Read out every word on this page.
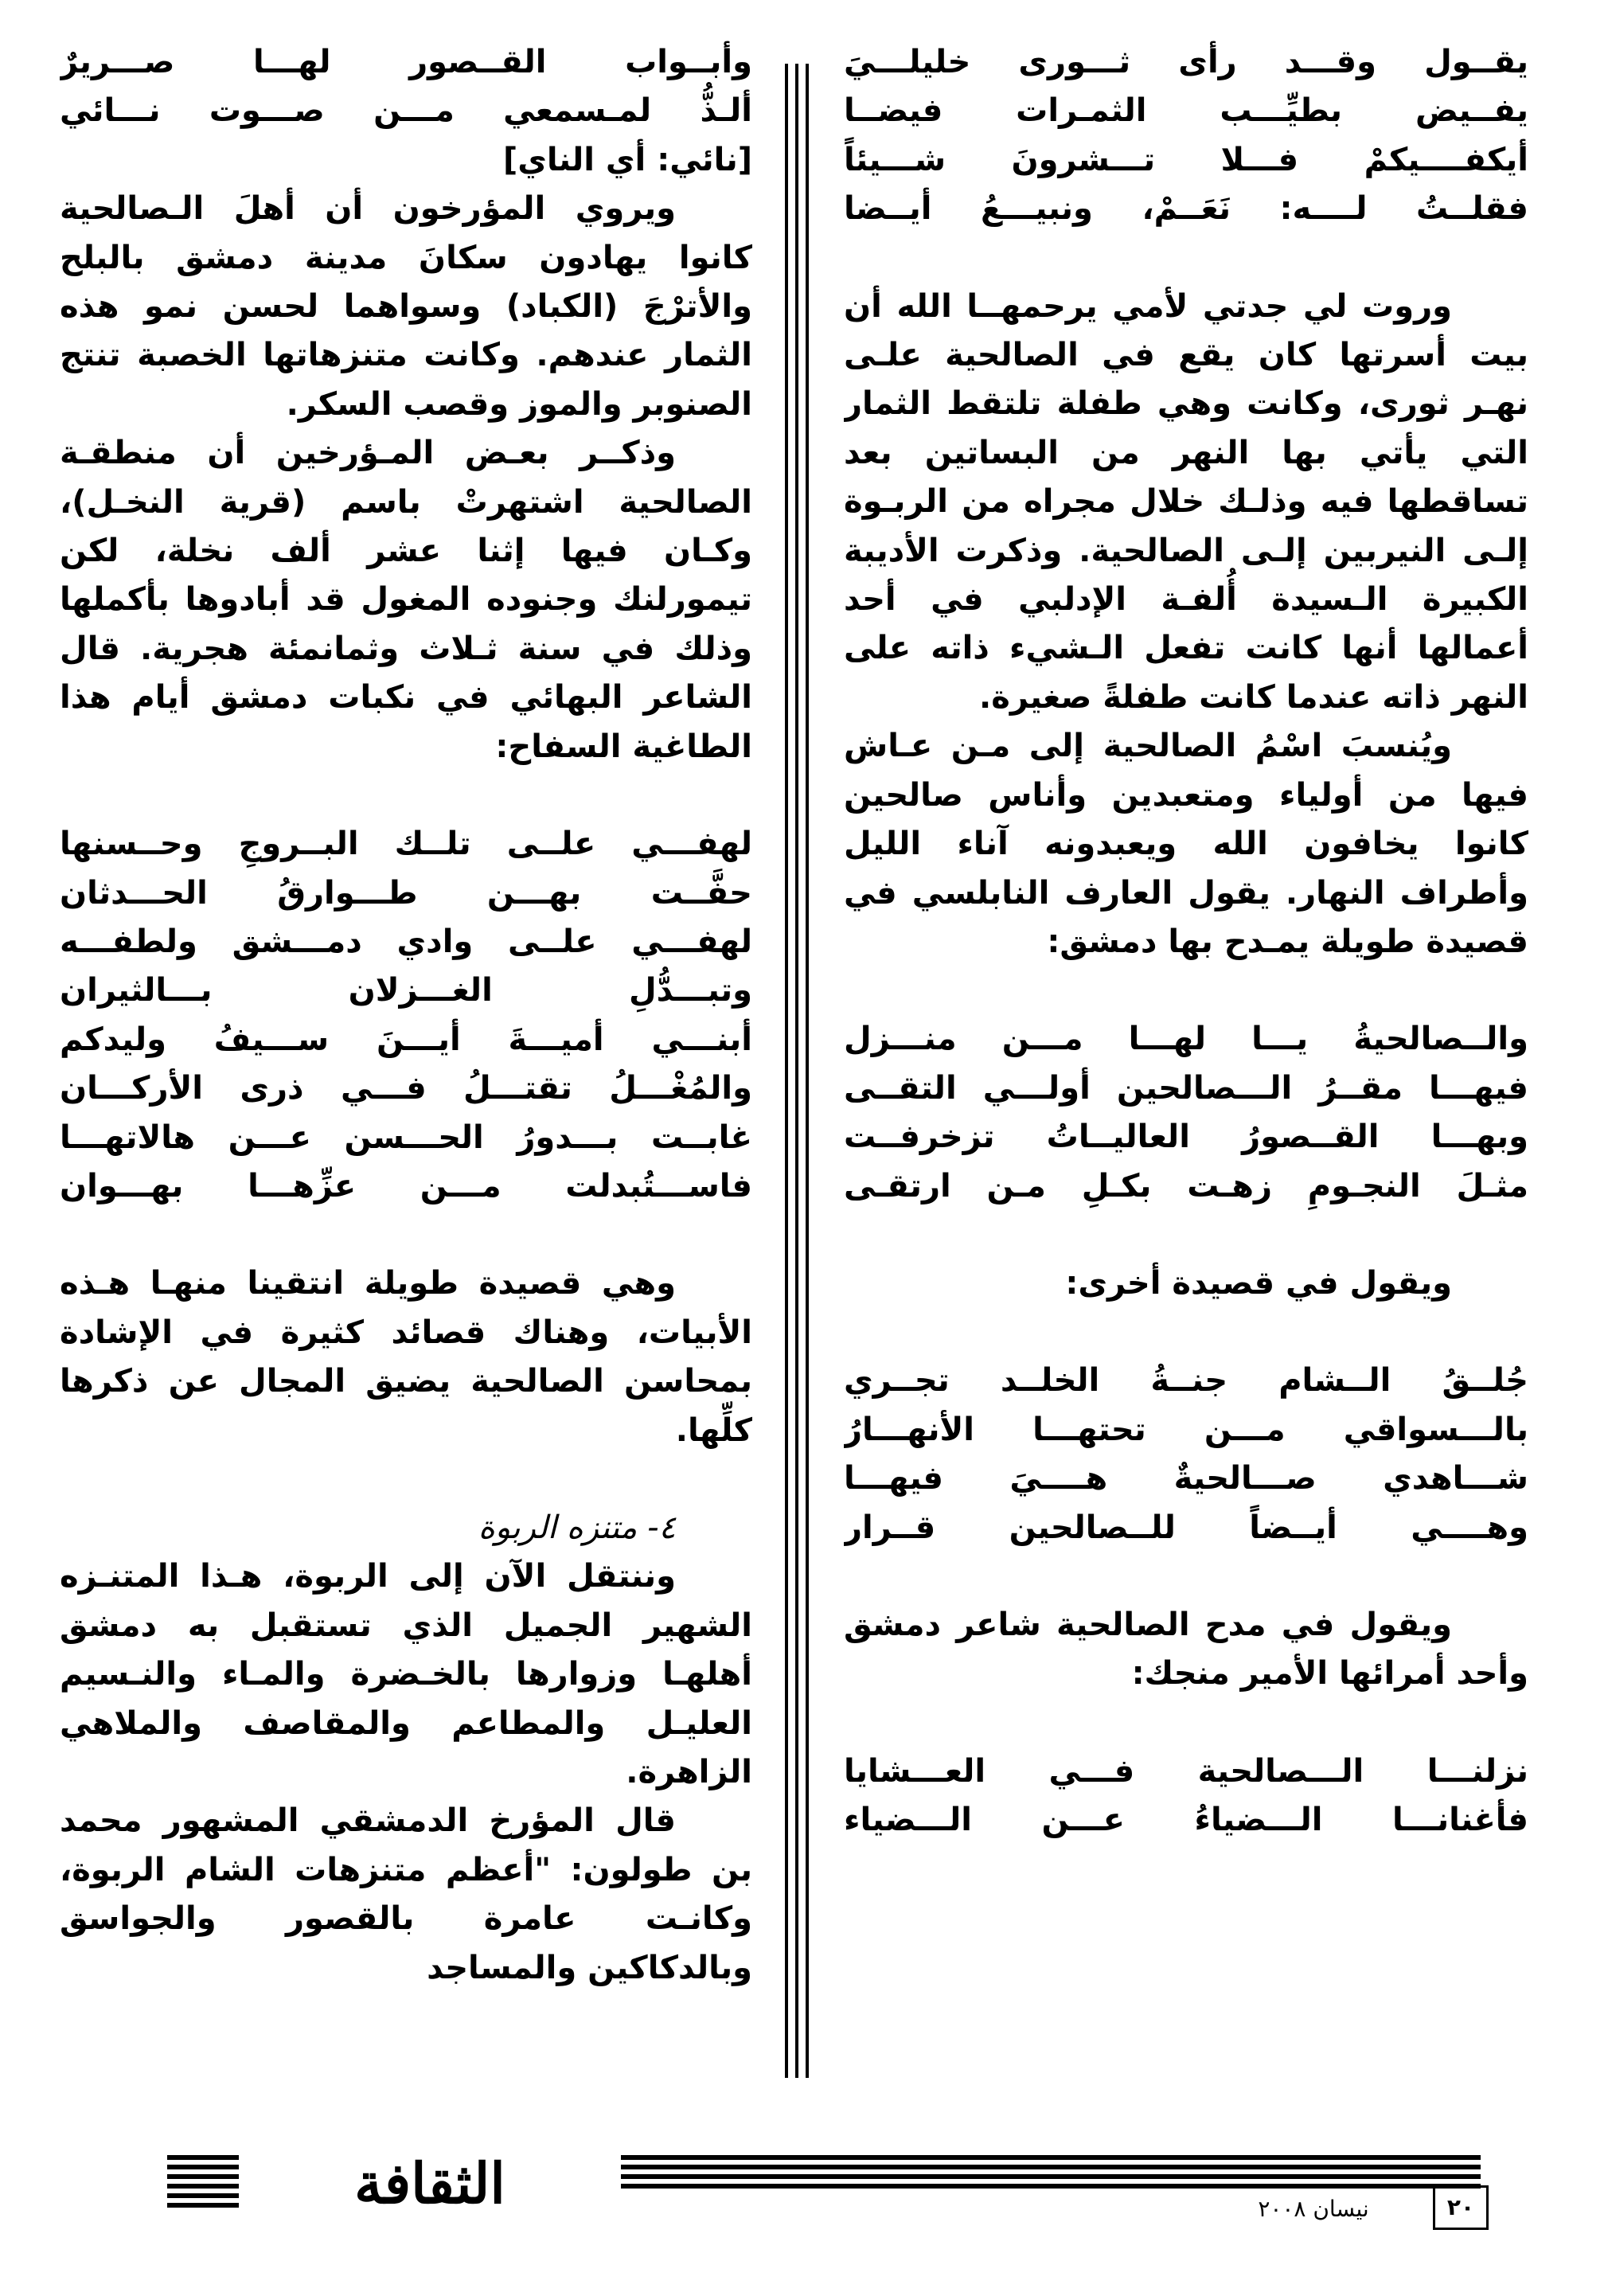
يقــول وقـــد رأى ثـــورى خليلـــيَ

يفــيض بطيِّـــب الثمـرات فيضــا

أيكفــــيكمْ فـــلا تـــشرونَ شـــيئاً

فقلــتُ لــــه: نَعَــمْ، ونبيـــعُ أيــضا

وروت لي جدتي لأمي يرحمهــا الله أن بيت أسرتها كان يقع في الصالحية علـى نهـر ثورى، وكانت وهي طفلة تلتقط الثمار التي يأتي بها النهر من البساتين بعد تساقطها فيه وذلـك خلال مجراه من الربـوة إلـى النيربين إلـى الصالحية. وذكرت الأديبة الكبيرة الـسيدة أُلفـة الإدلبي في أحد أعمالها أنها كانت تفعل الـشيء ذاته على النهر ذاته عندما كانت طفلةً صغيرة.

ويُنسبَ اسْمُ الصالحية إلى مـن عـاش فيها من أولياء ومتعبدين وأناس صالحين كانوا يخافون الله ويعبدونه آناء الليل وأطراف النهار. يقول العارف النابلسي في قصيدة طويلة يمـدح بها دمشق:

والــصالحيةُ يـــا لهـــا مـــن منـــزل

فيهـــا مقــرُ الـــصالحين أولـــي التقــى

وبهـــا القــصورُ العاليــاتُ تزخرفــت

مثـلَ النجـومِ زهـت بكـلِ مـن ارتقـى

ويقول في قصيدة أخرى:

جُلــقُ الــشام جنــةُ الخلــد تجــري

بالـــسواقي مـــن تحتهـــا الأنهـــارُ

شـــاهدي صـــالحيةٌ هــــيَ فيهـــا

وهــــي أيــضاً للــصالحين قــرار

ويقول في مدح الصالحية شاعر دمشق وأحد أمرائها الأمير منجك:

نزلنـــا الـــصالحية فـــي العـــشايا

فأغنانـــا الـــضياءُ عـــن الـــضياء

وأبــواب القــصور لهـــا صـــريرٌ

ألـذُّ لمـسمعي مـــن صـــوت نـــائي

[نائي: أي الناي]

ويروي المؤرخون أن أهلَ الـصالحية كانوا يهادون سكانَ مدينة دمشق بالبلح والأترْجَ (الكباد) وسواهما لحسن نمو هذه الثمار عندهم. وكانت متنزهاتها الخصبة تنتج الصنوبر والموز وقصب السكر.

وذكــر بعـض المـؤرخين أن منطقـة الصالحية اشتهرتْ باسم (قرية النخـل)، وكـان فيها إثنا عشر ألف نخلة، لكن تيمورلنك وجنوده المغول قد أبادوها بأكملها وذلك في سنة ثـلاث وثمانمئة هجرية. قال الشاعر البهائي في نكبات دمشق أيام هذا الطاغية السفاح:

لهفـــي علــى تلــك البــروجِ وحــسنها

حفَّــت بهـــن طـــوارقُ الحـــدثان

لهفـــي علــى وادي دمـــشق ولطفـــه

وتبـــدُّلِ الغـــزلان بـــالثيران

أبنـــي أميـــةَ أيـــنَ ســـيفُ وليدكم

والمُغْـــلُ تقتـــلُ فـــي ذرى الأركـــان

غابــت بـــدورُ الحـــسن عـــن هالاتهـــا

فاســـتُبدلت مـــن عزِّهـــا بهـــوان

وهي قصيدة طويلة انتقينا منهـا هـذه الأبيات، وهناك قصائد كثيرة في الإشادة بمحاسن الصالحية يضيق المجال عن ذكرها كلِّها.

٤- متنزه الربوة

وننتقل الآن إلى الربوة، هـذا المتنـزه الشهير الجميل الذي تستقبل به دمشق أهلهـا وزوارها بالخـضرة والمـاء والنـسيم العليـل والمطاعم والمقاصف والملاهي الزاهرة.

قال المؤرخ الدمشقي المشهور محمد بن طولون: "أعظم متنزهات الشام الربوة، وكانـت عامرة بالقصور والجواسق وبالدكاكين والمساجد

الثقافة	نيسان ٢٠٠٨	٢٠
